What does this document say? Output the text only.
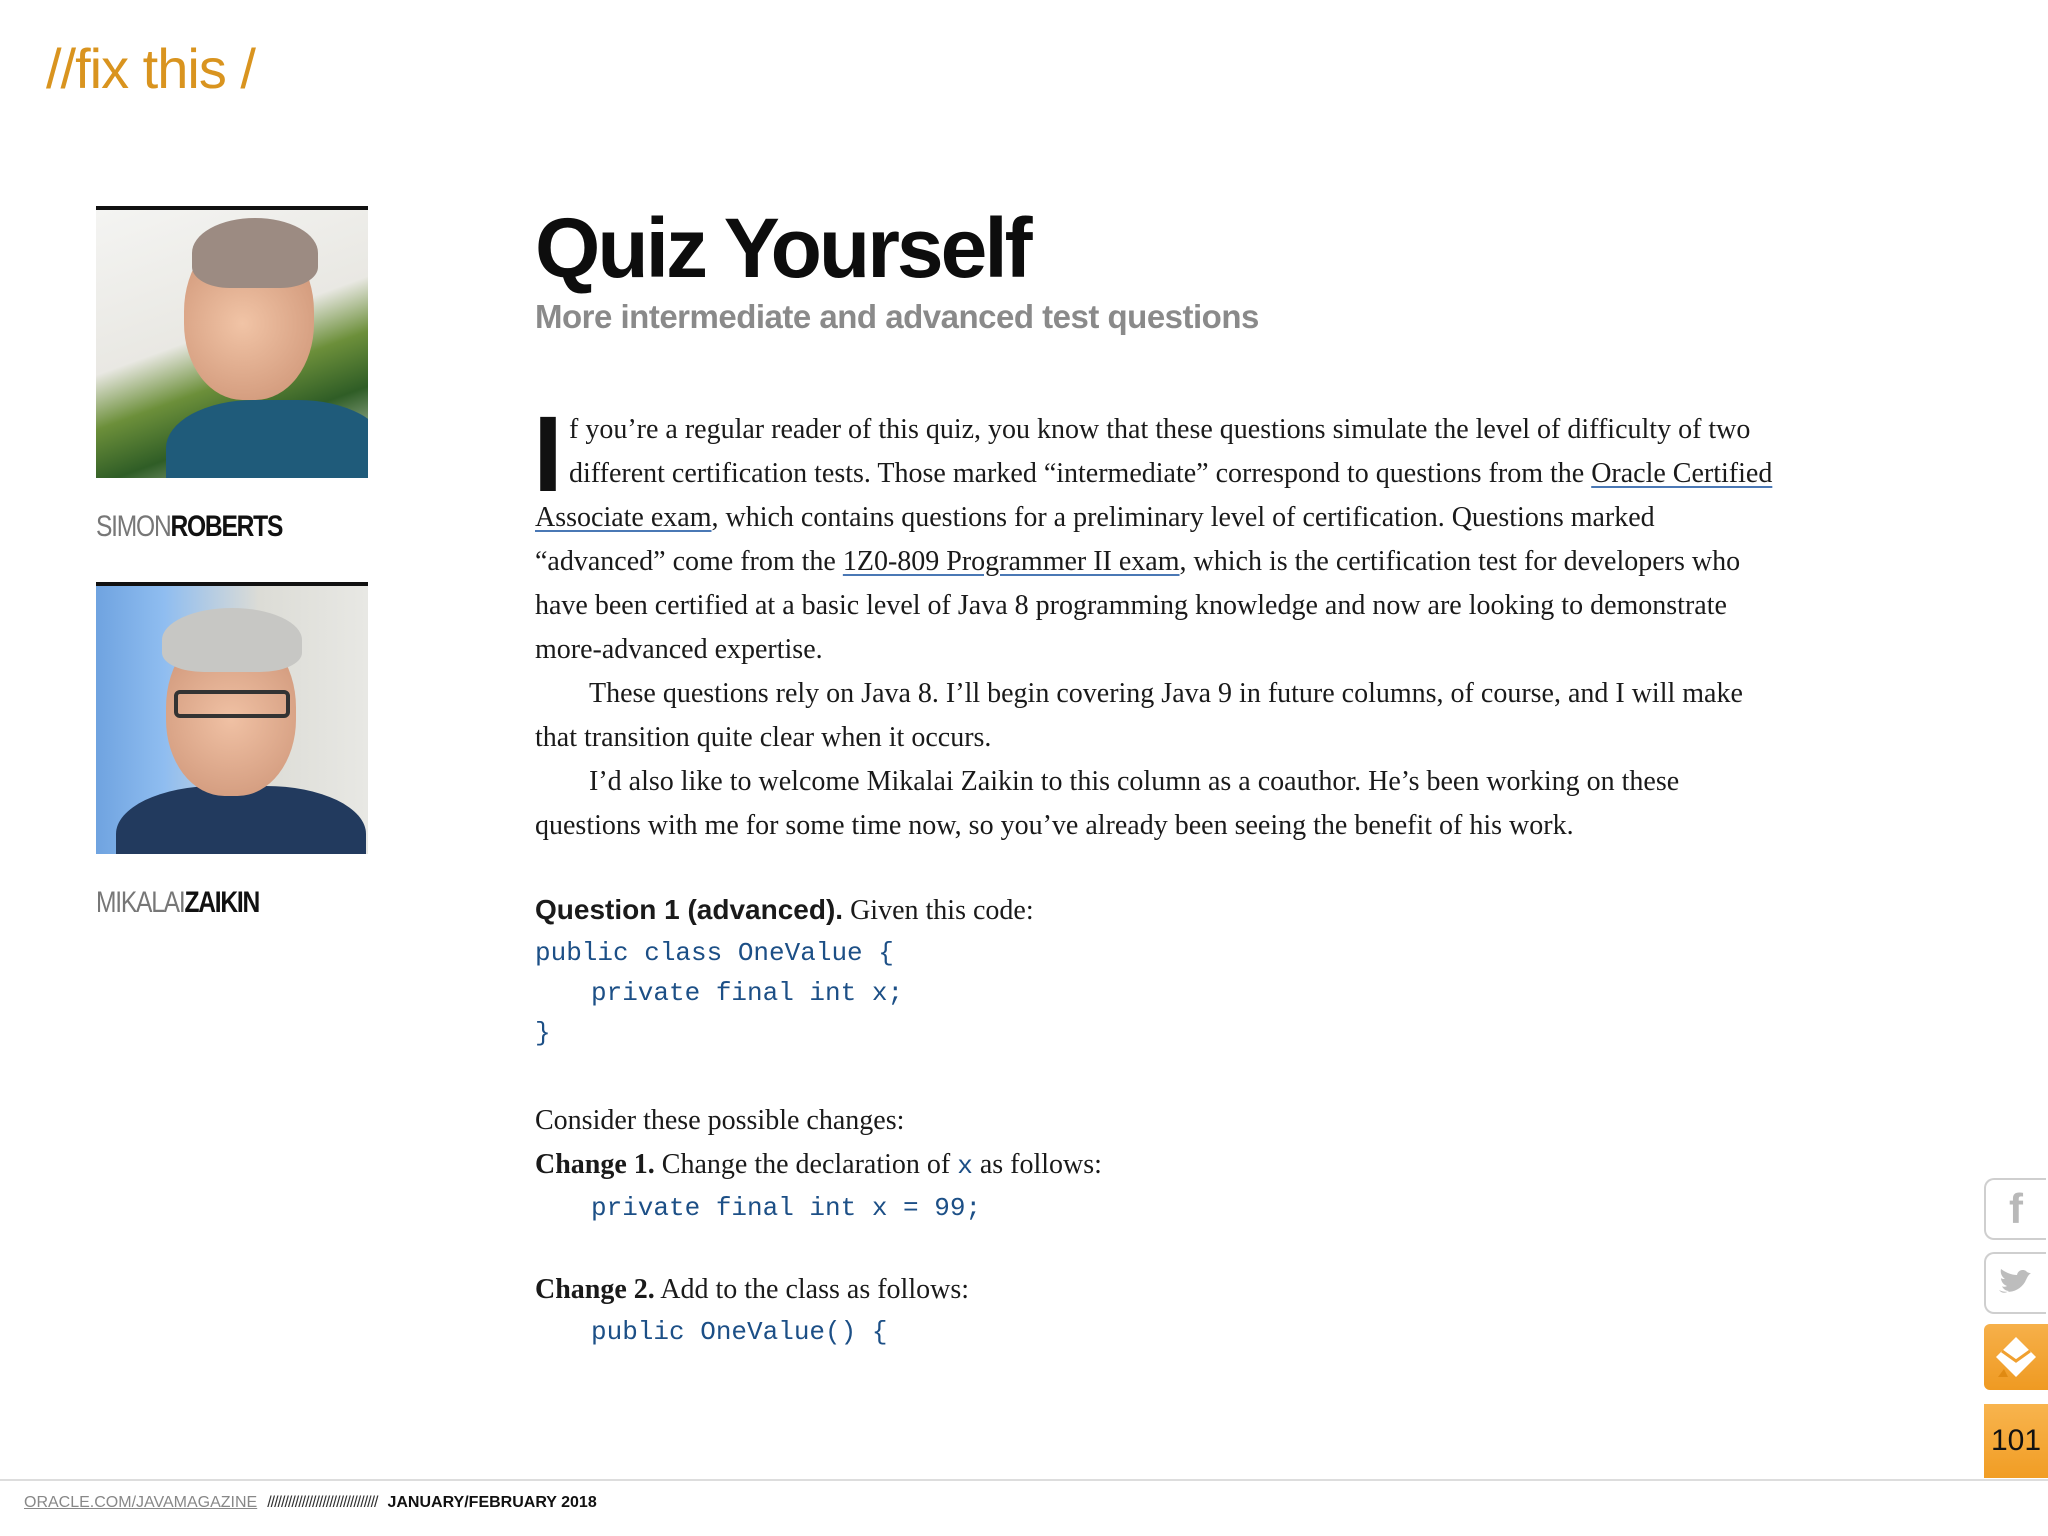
//fix this /
SIMONROBERTS
MIKALAIZAIKIN
Quiz Yourself
More intermediate and advanced test questions

If you’re a regular reader of this quiz, you know that these questions simulate the level of difficulty of two different certification tests. Those marked “intermediate” correspond to questions from the Oracle Certified Associate exam, which contains questions for a preliminary level of certification. Questions marked “advanced” come from the 1Z0-809 Programmer II exam, which is the certification test for developers who have been certified at a basic level of Java 8 programming knowledge and now are looking to demonstrate more-advanced expertise.

These questions rely on Java 8. I’ll begin covering Java 9 in future columns, of course, and I will make that transition quite clear when it occurs.

I’d also like to welcome Mikalai Zaikin to this column as a coauthor. He’s been working on these questions with me for some time now, so you’ve already been seeing the benefit of his work.

Question 1 (advanced). Given this code:
public class OneValue {
private final int x;
}
Consider these possible changes:
Change 1. Change the declaration of x as follows:
private final int x = 99;
Change 2. Add to the class as follows:
public OneValue() {
f
101
ORACLE.COM/JAVAMAGAZINE //////////////////////////////// JANUARY/FEBRUARY 2018
